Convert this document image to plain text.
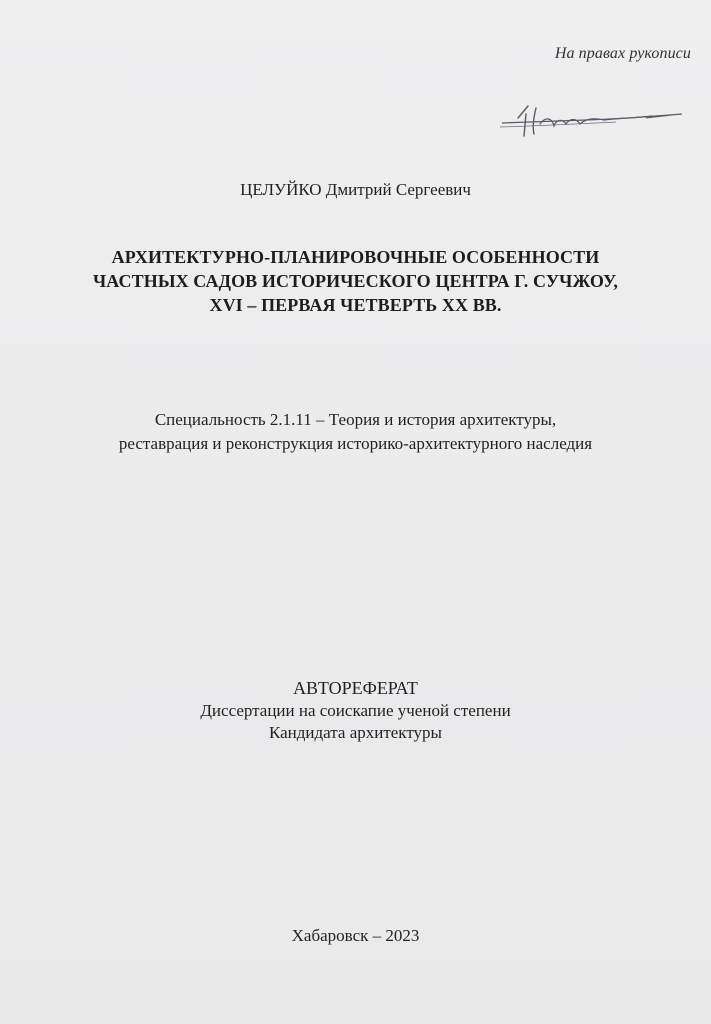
На правах рукописи
ЦЕЛУЙКО Дмитрий Сергеевич
АРХИТЕКТУРНО-ПЛАНИРОВОЧНЫЕ ОСОБЕННОСТИ
ЧАСТНЫХ САДОВ ИСТОРИЧЕСКОГО ЦЕНТРА Г. СУЧЖОУ,
XVI – ПЕРВАЯ ЧЕТВЕРТЬ XX ВВ.
Специальность 2.1.11 – Теория и история архитектуры,
реставрация и реконструкция историко-архитектурного наследия
АВТОРЕФЕРАТ
Диссертации на соискапие ученой степени
Кандидата архитектуры
Хабаровск – 2023
